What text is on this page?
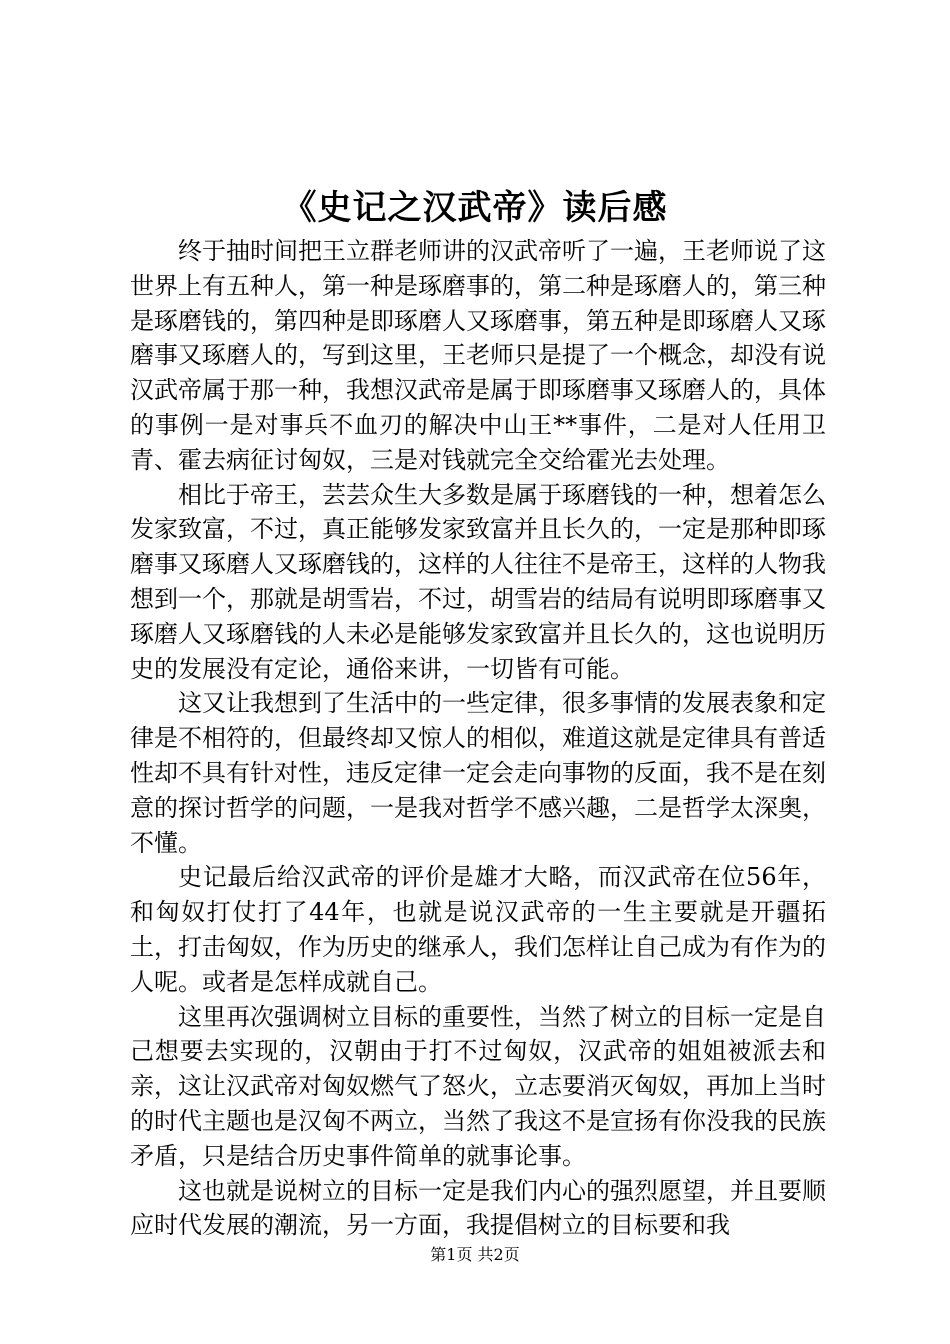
《史记之汉武帝》读后感

终于抽时间把王立群老师讲的汉武帝听了一遍，王老师说了这世界上有五种人，第一种是琢磨事的，第二种是琢磨人的，第三种是琢磨钱的，第四种是即琢磨人又琢磨事，第五种是即琢磨人又琢磨事又琢磨人的，写到这里，王老师只是提了一个概念，却没有说汉武帝属于那一种，我想汉武帝是属于即琢磨事又琢磨人的，具体的事例一是对事兵不血刃的解决中山王**事件，二是对人任用卫青、霍去病征讨匈奴，三是对钱就完全交给霍光去处理。

相比于帝王，芸芸众生大多数是属于琢磨钱的一种，想着怎么发家致富，不过，真正能够发家致富并且长久的，一定是那种即琢磨事又琢磨人又琢磨钱的，这样的人往往不是帝王，这样的人物我想到一个，那就是胡雪岩，不过，胡雪岩的结局有说明即琢磨事又琢磨人又琢磨钱的人未必是能够发家致富并且长久的，这也说明历史的发展没有定论，通俗来讲，一切皆有可能。

这又让我想到了生活中的一些定律，很多事情的发展表象和定律是不相符的，但最终却又惊人的相似，难道这就是定律具有普适性却不具有针对性，违反定律一定会走向事物的反面，我不是在刻意的探讨哲学的问题，一是我对哲学不感兴趣，二是哲学太深奥，不懂。

史记最后给汉武帝的评价是雄才大略，而汉武帝在位56年，和匈奴打仗打了44年，也就是说汉武帝的一生主要就是开疆拓土，打击匈奴，作为历史的继承人，我们怎样让自己成为有作为的人呢。或者是怎样成就自己。

这里再次强调树立目标的重要性，当然了树立的目标一定是自己想要去实现的，汉朝由于打不过匈奴，汉武帝的姐姐被派去和亲，这让汉武帝对匈奴燃气了怒火，立志要消灭匈奴，再加上当时的时代主题也是汉匈不两立，当然了我这不是宣扬有你没我的民族矛盾，只是结合历史事件简单的就事论事。

这也就是说树立的目标一定是我们内心的强烈愿望，并且要顺应时代发展的潮流，另一方面，我提倡树立的目标要和我

第1页 共2页
